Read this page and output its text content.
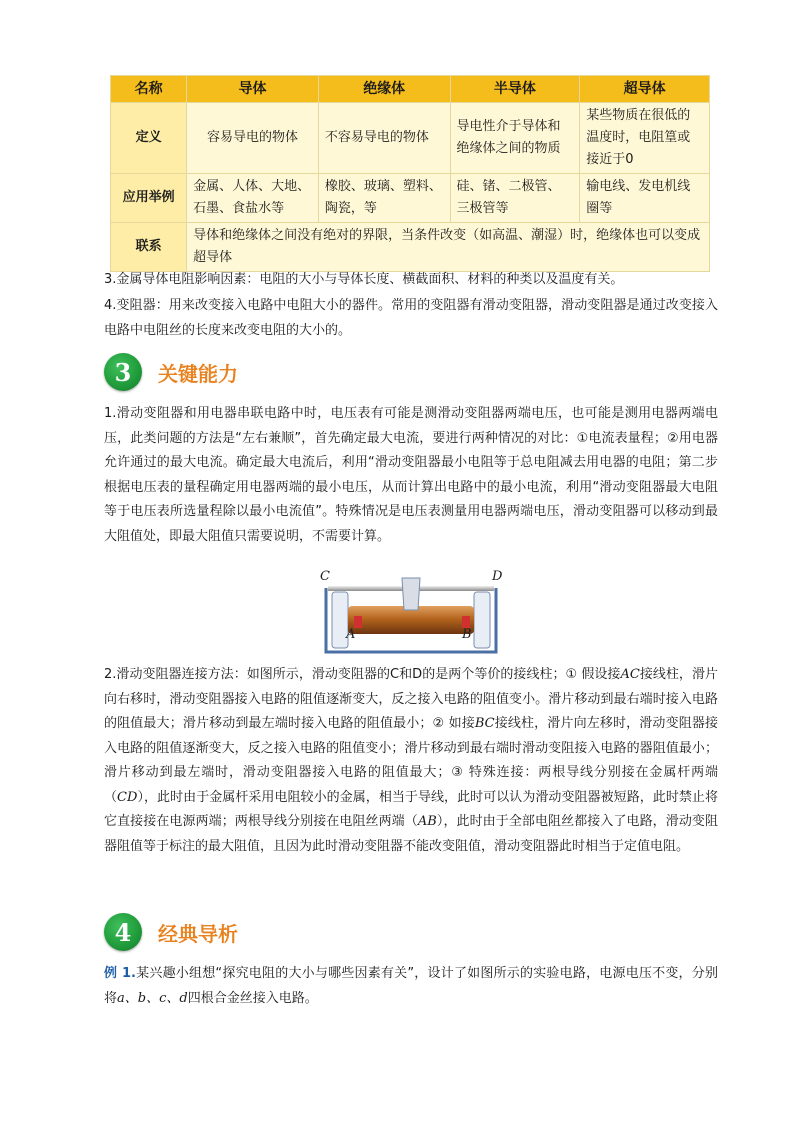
名称	导体	绝缘体	半导体	超导体
定义	容易导电的物体	不容易导电的物体	导电性介于导体和绝缘体之间的物质	某些物质在很低的温度时，电阻篁或接近于0
应用举例	金属、人体、大地、石墨、食盐水等	橡胶、玻璃、塑料、陶瓷，等	硅、锗、二极管、三极管等	输电线、发电机线圈等
联系	导体和绝缘体之间没有绝对的界限，当条件改变（如高温、潮湿）时，绝缘体也可以变成超导体			

3.金属导体电阻影响因素：电阻的大小与导体长度、横截面积、材料的种类以及温度有关。

4.变阻器：用来改变接入电路中电阻大小的器件。常用的变阻器有滑动变阻器，滑动变阻器是通过改变接入电路中电阻丝的长度来改变电阻的大小的。

3	关键能力

1.滑动变阻器和用电器串联电路中时，电压表有可能是测滑动变阻器两端电压，也可能是测用电器两端电压，此类问题的方法是“左右兼顺”，首先确定最大电流，要进行两种情况的对比：①电流表量程；②用电器允许通过的最大电流。确定最大电流后，利用“滑动变阻器最小电阻等于总电阻减去用电器的电阻；第二步根据电压表的量程确定用电器两端的最小电压，从而计算出电路中的最小电流，利用“滑动变阻器最大电阻等于电压表所选量程除以最小电流值”。特殊情况是电压表测量用电器两端电压，滑动变阻器可以移动到最大阻值处，即最大阻值只需要说明，不需要计算。

C	D
A	B

2.滑动变阻器连接方法：如图所示，滑动变阻器的C和D的是两个等价的接线柱；① 假设接AC接线柱，滑片向右移时，滑动变阻器接入电路的阻值逐渐变大，反之接入电路的阻值变小。滑片移动到最右端时接入电路的阻值最大；滑片移动到最左端时接入电路的阻值最小；② 如接BC接线柱，滑片向左移时，滑动变阻器接入电路的阻值逐渐变大，反之接入电路的阻值变小；滑片移动到最右端时滑动变阻接入电路的器阻值最小；滑片移动到最左端时，滑动变阻器接入电路的阻值最大；③ 特殊连接：两根导线分别接在金属杆两端（CD），此时由于金属杆采用电阻较小的金属，相当于导线，此时可以认为滑动变阻器被短路，此时禁止将它直接接在电源两端；两根导线分别接在电阻丝两端（AB），此时由于全部电阻丝都接入了电路，滑动变阻器阻值等于标注的最大阻值，且因为此时滑动变阻器不能改变阻值，滑动变阻器此时相当于定值电阻。

4	经典导析

例 1.某兴趣小组想“探究电阻的大小与哪些因素有关”，设计了如图所示的实验电路，电源电压不变，分别将a、b、c、d四根合金丝接入电路。
